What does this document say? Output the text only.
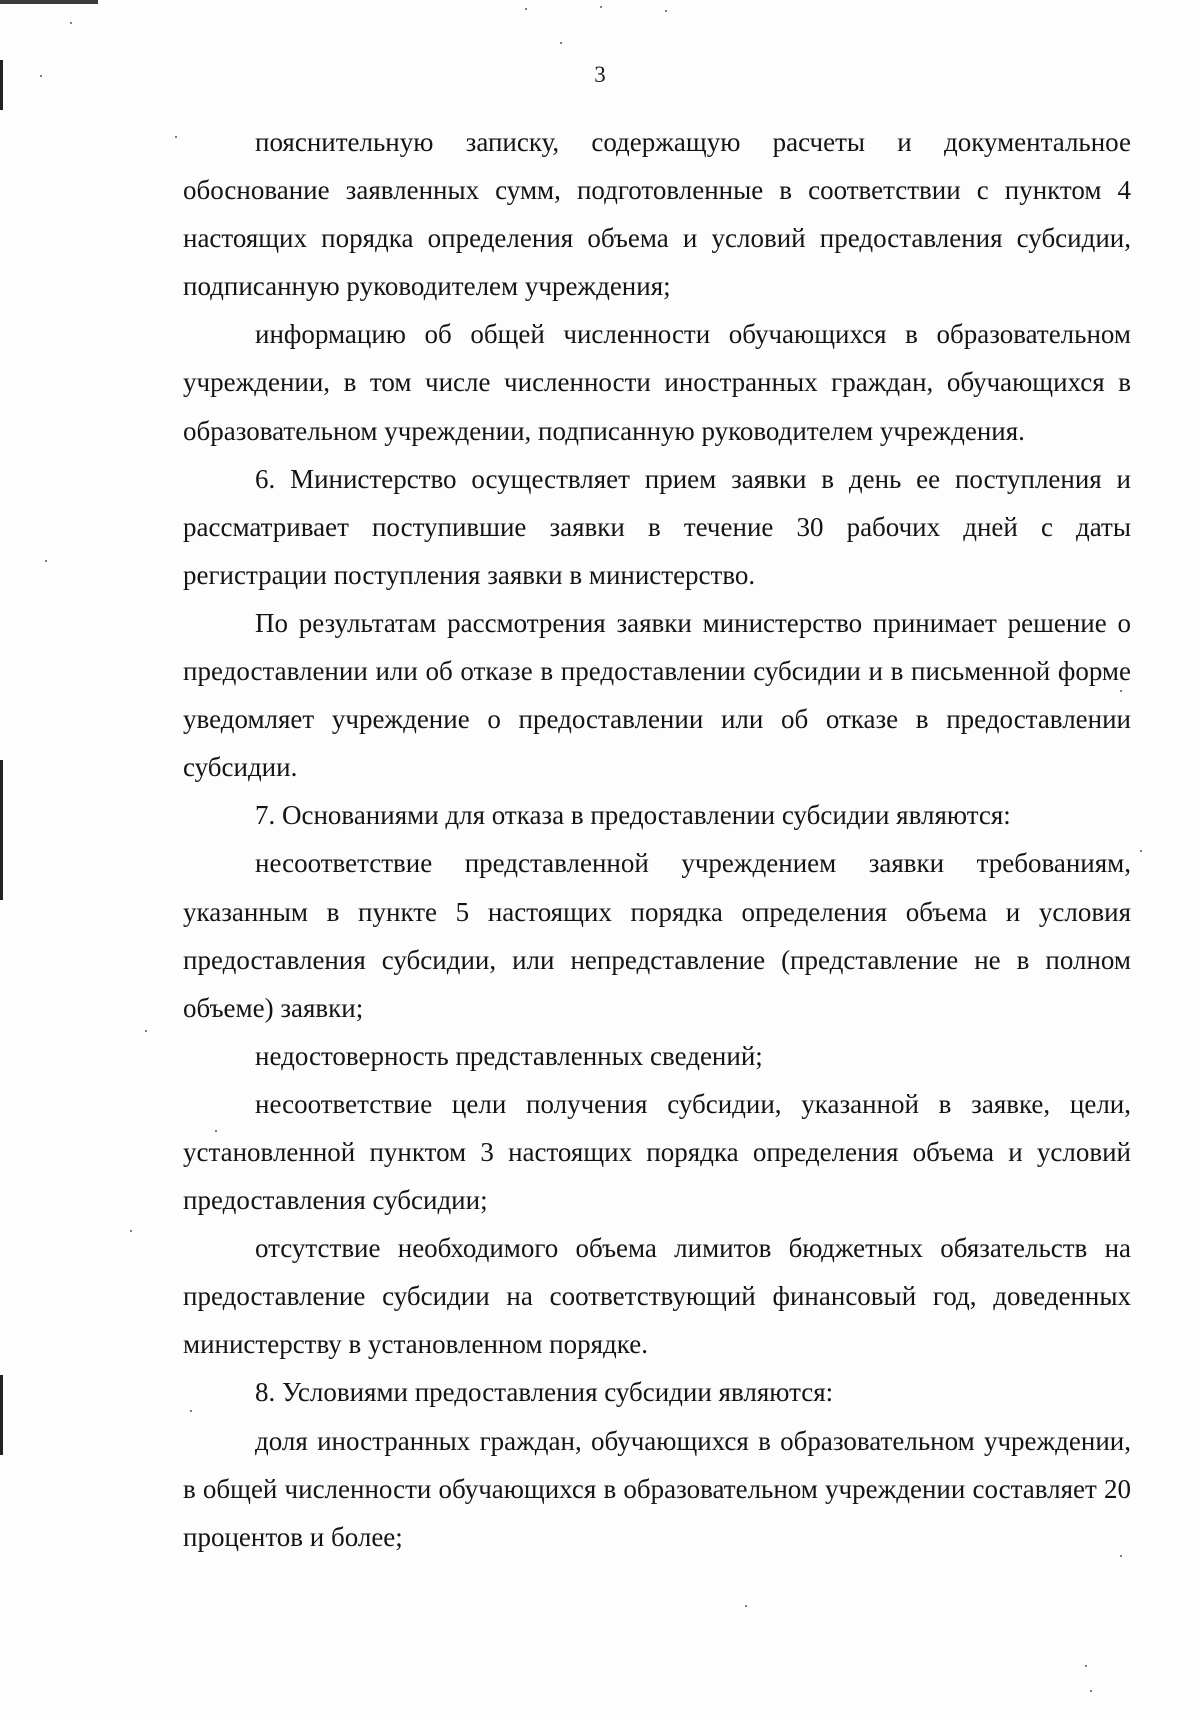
3

пояснительную записку, содержащую расчеты и документальное обоснование заявленных сумм, подготовленные в соответствии с пунктом 4 настоящих порядка определения объема и условий предоставления субсидии, подписанную руководителем учреждения;

информацию об общей численности обучающихся в образовательном учреждении, в том числе численности иностранных граждан, обучающихся в образовательном учреждении, подписанную руководителем учреждения.

6. Министерство осуществляет прием заявки в день ее поступления и рассматривает поступившие заявки в течение 30 рабочих дней с даты регистрации поступления заявки в министерство.

По результатам рассмотрения заявки министерство принимает решение о предоставлении или об отказе в предоставлении субсидии и в письменной форме уведомляет учреждение о предоставлении или об отказе в предоставлении субсидии.

7. Основаниями для отказа в предоставлении субсидии являются:

несоответствие представленной учреждением заявки требованиям, указанным в пункте 5 настоящих порядка определения объема и условия предоставления субсидии, или непредставление (представление не в полном объеме) заявки;

недостоверность представленных сведений;

несоответствие цели получения субсидии, указанной в заявке, цели, установленной пунктом 3 настоящих порядка определения объема и условий предоставления субсидии;

отсутствие необходимого объема лимитов бюджетных обязательств на предоставление субсидии на соответствующий финансовый год, доведенных министерству в установленном порядке.

8. Условиями предоставления субсидии являются:

доля иностранных граждан, обучающихся в образовательном учреждении, в общей численности обучающихся в образовательном учреждении составляет 20 процентов и более;
